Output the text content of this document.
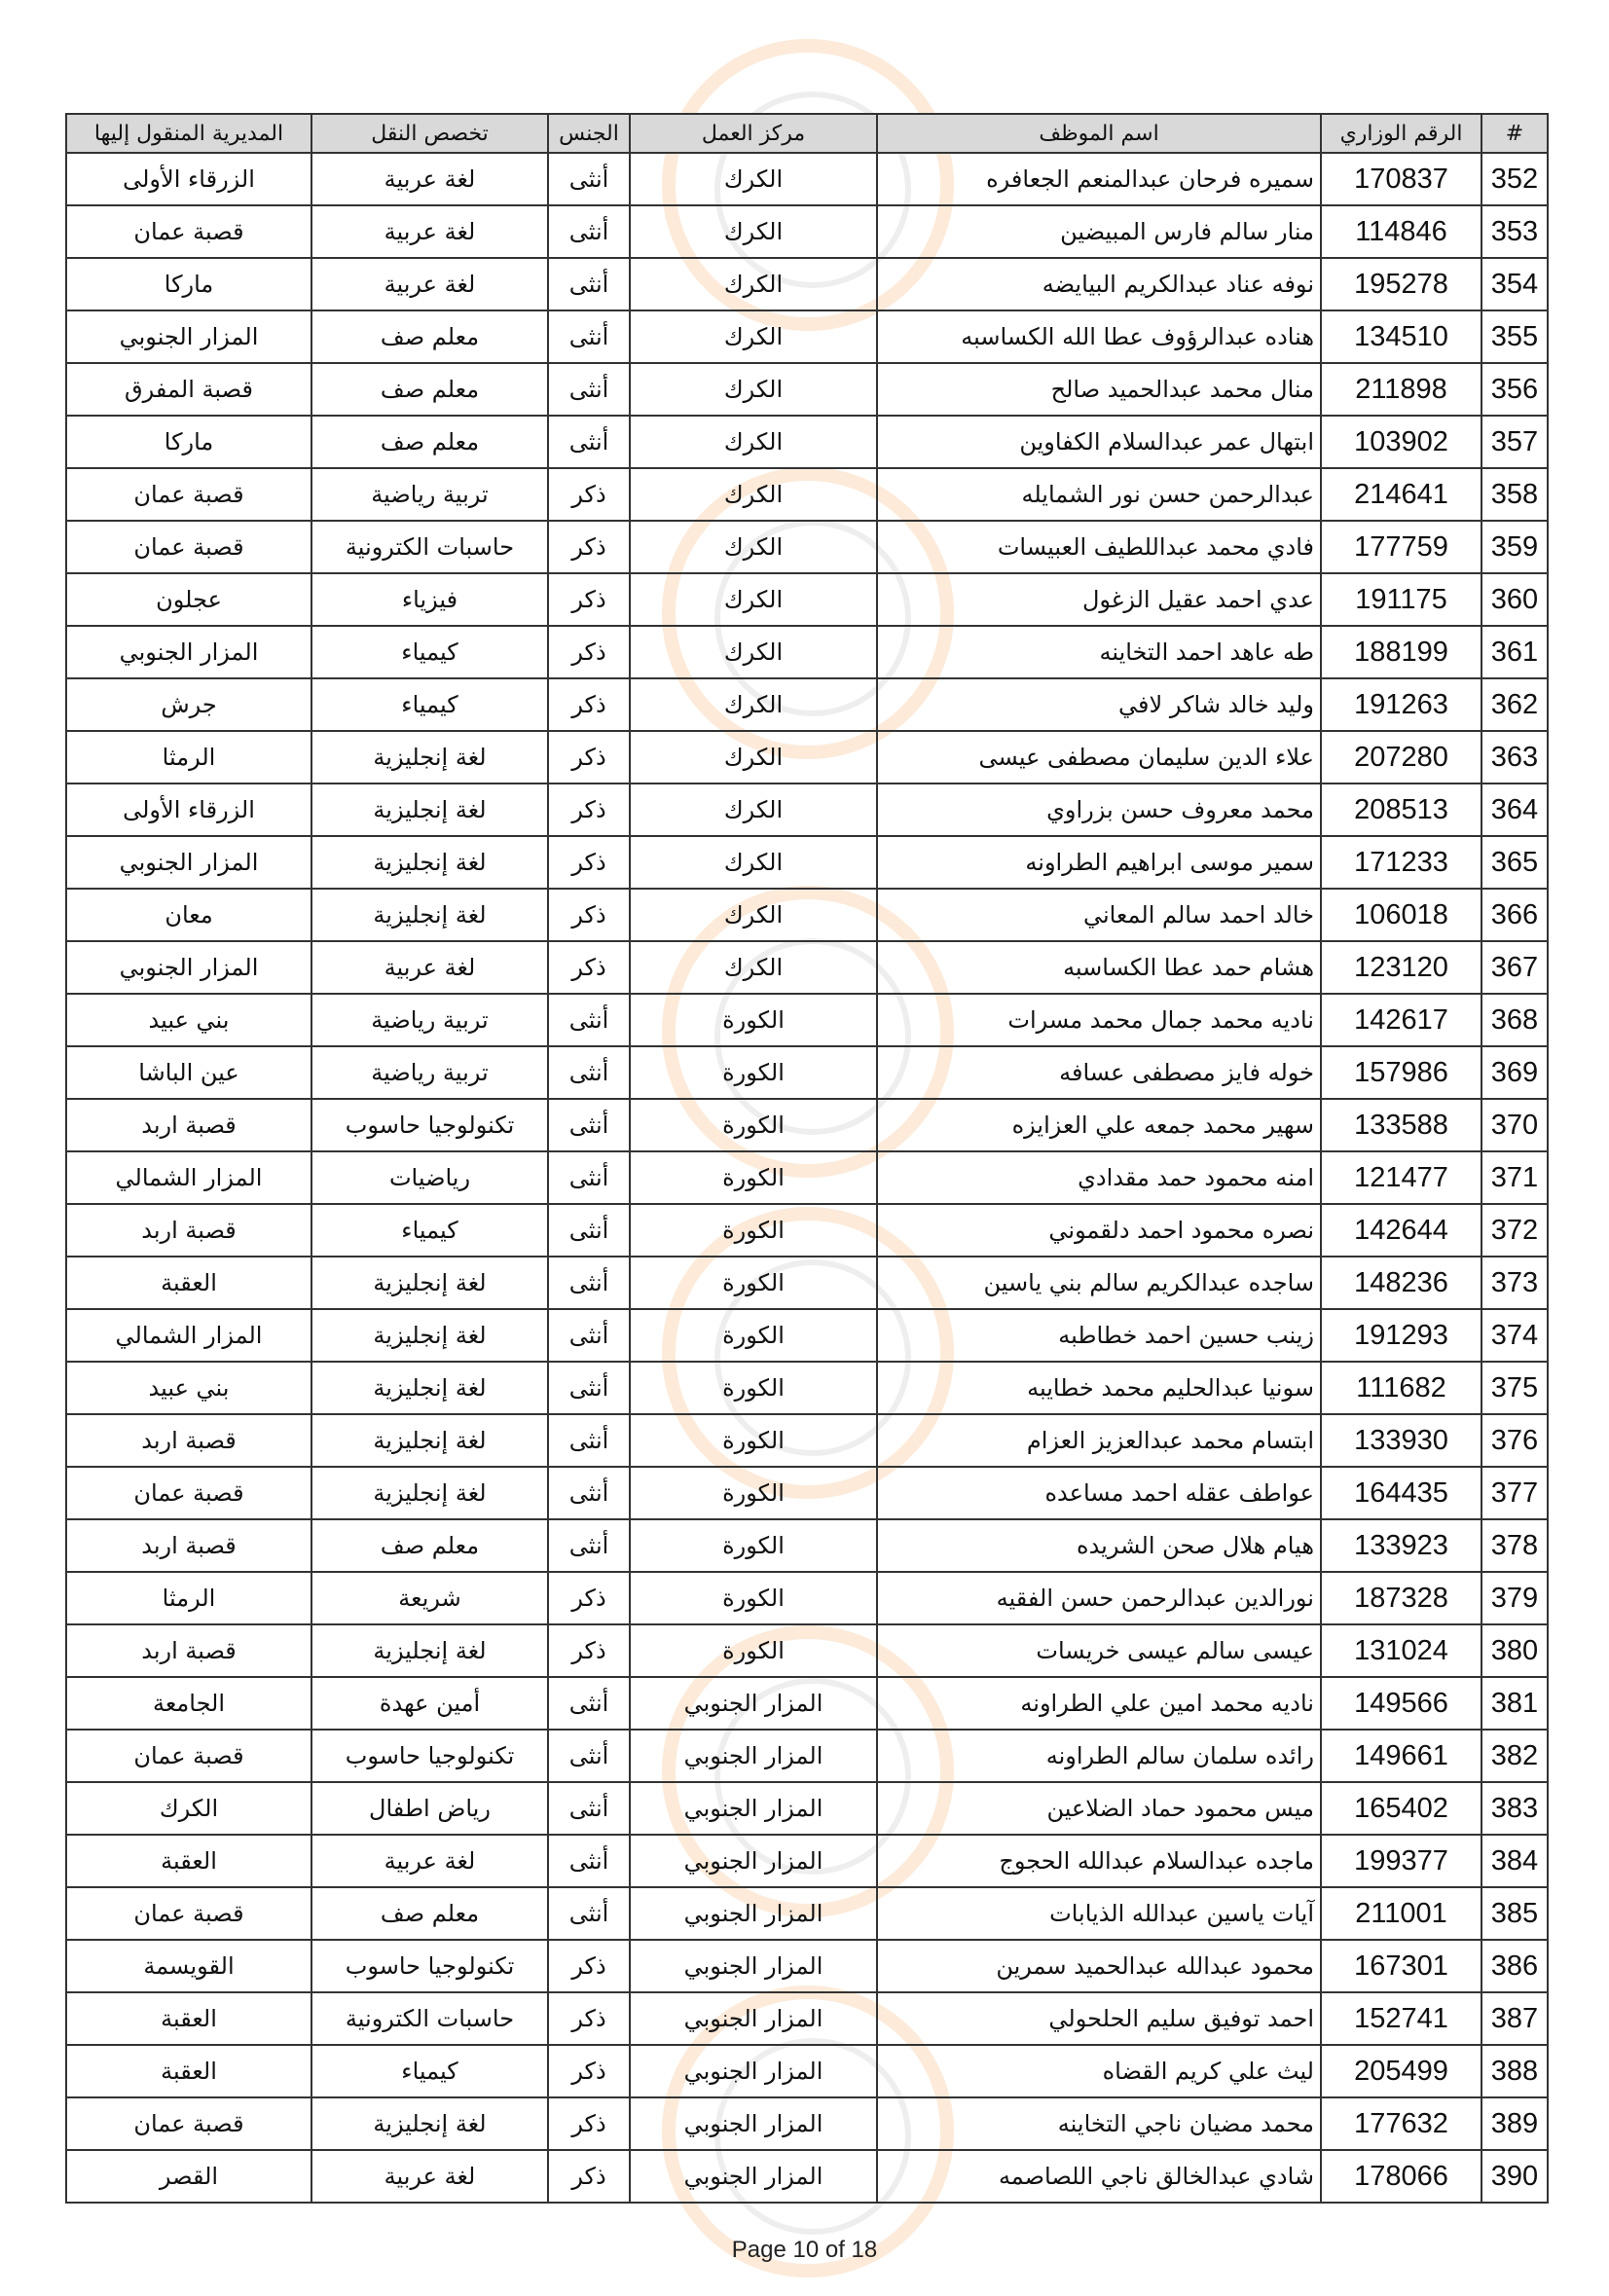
#	الرقم الوزاري	اسم الموظف	مركز العمل	الجنس	تخصص النقل	المديرية المنقول إليها
352	170837	سميره فرحان عبدالمنعم الجعافره	الكرك	أنثى	لغة عربية	الزرقاء الأولى
353	114846	منار سالم فارس المبيضين	الكرك	أنثى	لغة عربية	قصبة عمان
354	195278	نوفه عناد عبدالكريم البيايضه	الكرك	أنثى	لغة عربية	ماركا
355	134510	هناده عبدالرؤوف عطا الله الكساسبه	الكرك	أنثى	معلم صف	المزار الجنوبي
356	211898	منال محمد عبدالحميد صالح	الكرك	أنثى	معلم صف	قصبة المفرق
357	103902	ابتهال عمر عبدالسلام الكفاوين	الكرك	أنثى	معلم صف	ماركا
358	214641	عبدالرحمن حسن نور الشمايله	الكرك	ذكر	تربية رياضية	قصبة عمان
359	177759	فادي محمد عبداللطيف العبيسات	الكرك	ذكر	حاسبات الكترونية	قصبة عمان
360	191175	عدي احمد عقيل الزغول	الكرك	ذكر	فيزياء	عجلون
361	188199	طه عاهد احمد التخاينه	الكرك	ذكر	كيمياء	المزار الجنوبي
362	191263	وليد خالد شاكر لافي	الكرك	ذكر	كيمياء	جرش
363	207280	علاء الدين سليمان مصطفى عيسى	الكرك	ذكر	لغة إنجليزية	الرمثا
364	208513	محمد معروف حسن بزراوي	الكرك	ذكر	لغة إنجليزية	الزرقاء الأولى
365	171233	سمير موسى ابراهيم الطراونه	الكرك	ذكر	لغة إنجليزية	المزار الجنوبي
366	106018	خالد احمد سالم المعاني	الكرك	ذكر	لغة إنجليزية	معان
367	123120	هشام حمد عطا الكساسبه	الكرك	ذكر	لغة عربية	المزار الجنوبي
368	142617	ناديه محمد جمال محمد مسرات	الكورة	أنثى	تربية رياضية	بني عبيد
369	157986	خوله فايز مصطفى عسافه	الكورة	أنثى	تربية رياضية	عين الباشا
370	133588	سهير محمد جمعه علي العزايزه	الكورة	أنثى	تكنولوجيا حاسوب	قصبة اربد
371	121477	امنه محمود حمد مقدادي	الكورة	أنثى	رياضيات	المزار الشمالي
372	142644	نصره محمود احمد دلقموني	الكورة	أنثى	كيمياء	قصبة اربد
373	148236	ساجده عبدالكريم سالم بني ياسين	الكورة	أنثى	لغة إنجليزية	العقبة
374	191293	زينب حسين احمد خطاطبه	الكورة	أنثى	لغة إنجليزية	المزار الشمالي
375	111682	سونيا عبدالحليم محمد خطايبه	الكورة	أنثى	لغة إنجليزية	بني عبيد
376	133930	ابتسام محمد عبدالعزيز العزام	الكورة	أنثى	لغة إنجليزية	قصبة اربد
377	164435	عواطف عقله احمد مساعده	الكورة	أنثى	لغة إنجليزية	قصبة عمان
378	133923	هيام هلال صحن الشريده	الكورة	أنثى	معلم صف	قصبة اربد
379	187328	نورالدين عبدالرحمن حسن الفقيه	الكورة	ذكر	شريعة	الرمثا
380	131024	عيسى سالم عيسى خريسات	الكورة	ذكر	لغة إنجليزية	قصبة اربد
381	149566	ناديه محمد امين علي الطراونه	المزار الجنوبي	أنثى	أمين عهدة	الجامعة
382	149661	رائده سلمان سالم الطراونه	المزار الجنوبي	أنثى	تكنولوجيا حاسوب	قصبة عمان
383	165402	ميس محمود حماد الضلاعين	المزار الجنوبي	أنثى	رياض اطفال	الكرك
384	199377	ماجده عبدالسلام عبدالله الحجوج	المزار الجنوبي	أنثى	لغة عربية	العقبة
385	211001	آيات ياسين عبدالله الذيابات	المزار الجنوبي	أنثى	معلم صف	قصبة عمان
386	167301	محمود عبدالله عبدالحميد سمرين	المزار الجنوبي	ذكر	تكنولوجيا حاسوب	القويسمة
387	152741	احمد توفيق سليم الحلحولي	المزار الجنوبي	ذكر	حاسبات الكترونية	العقبة
388	205499	ليث علي كريم القضاه	المزار الجنوبي	ذكر	كيمياء	العقبة
389	177632	محمد مضيان ناجي التخاينه	المزار الجنوبي	ذكر	لغة إنجليزية	قصبة عمان
390	178066	شادي عبدالخالق ناجي اللصاصمه	المزار الجنوبي	ذكر	لغة عربية	القصر
Page 10 of 18
